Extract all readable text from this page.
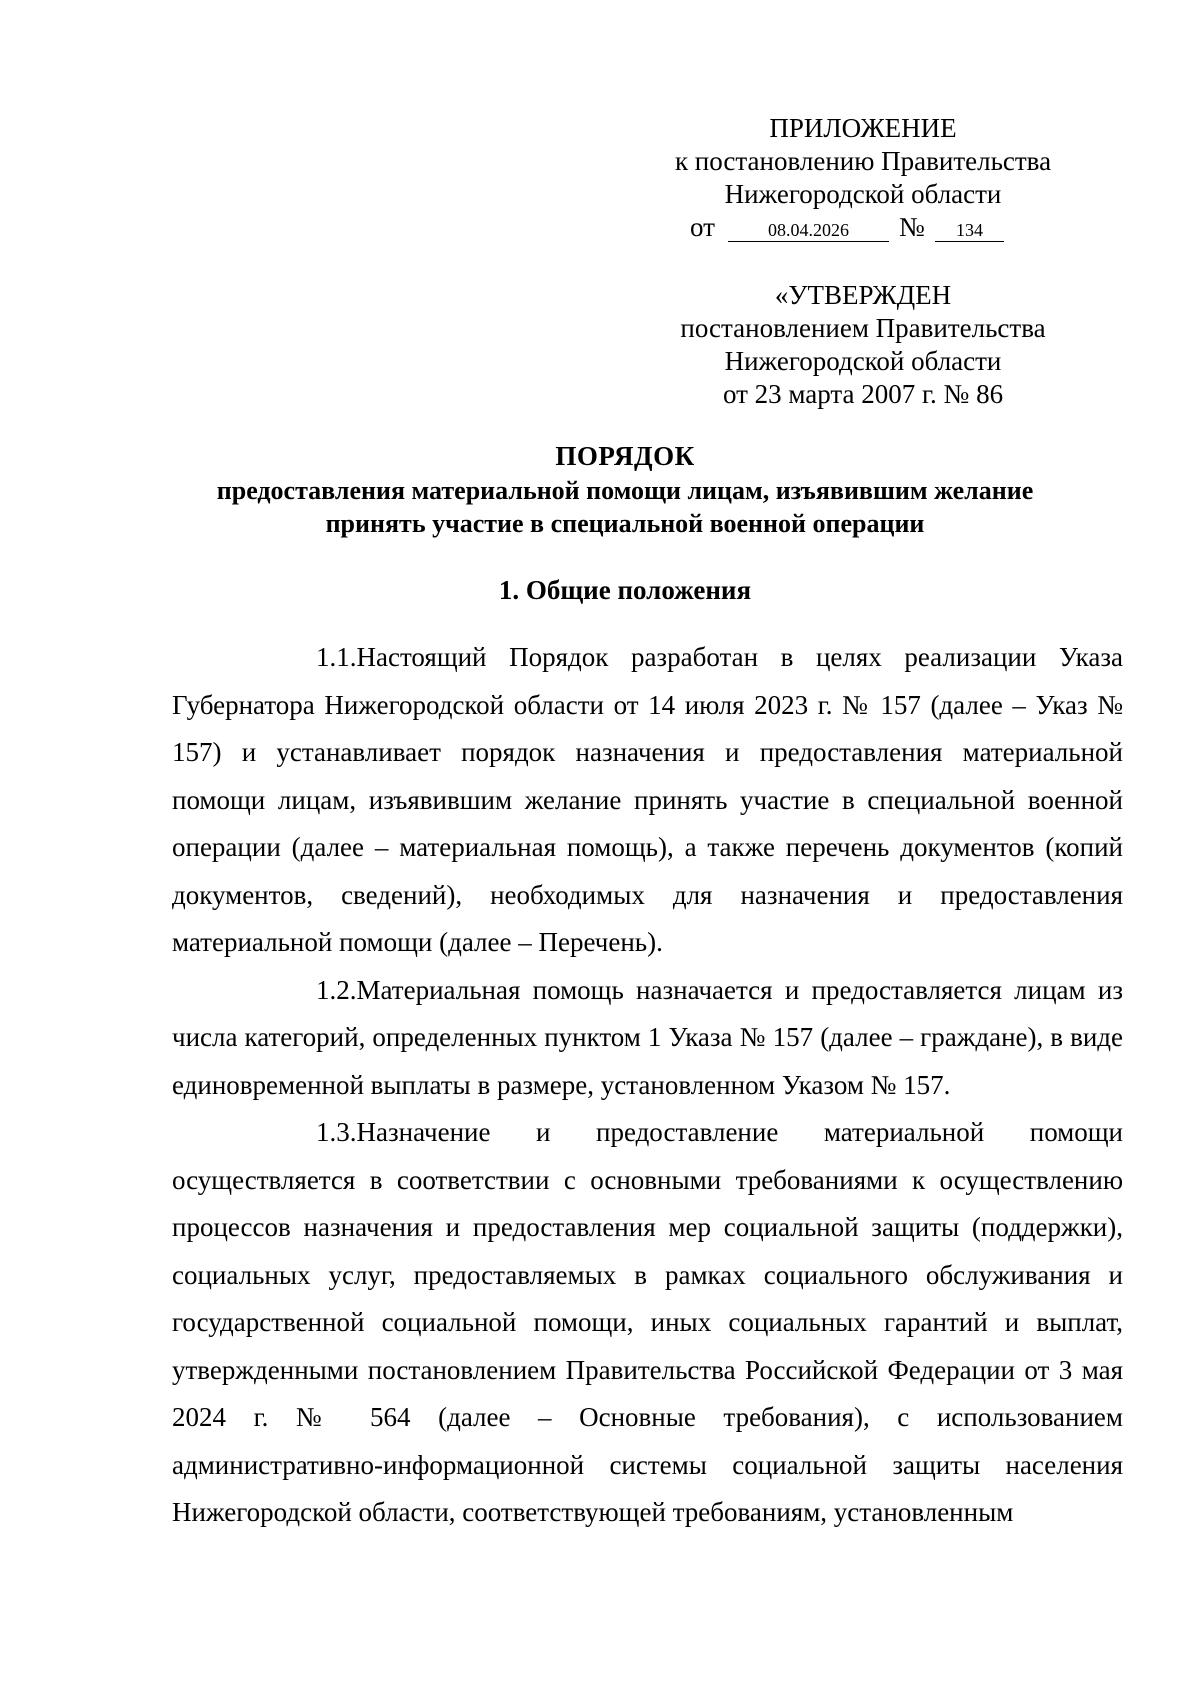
ПРИЛОЖЕНИЕ
к постановлению Правительства
Нижегородской области
от	08.04.2026	№	134
«УТВЕРЖДЕН
постановлением Правительства
Нижегородской области
от 23 марта 2007 г. № 86
ПОРЯДОК
предоставления материальной помощи лицам, изъявившим желание
принять участие в специальной военной операции
1. Общие положения

1.1.Настоящий Порядок разработан в целях реализации Указа Губернатора Нижегородской области от 14 июля 2023 г. № 157 (далее – Указ № 157) и устанавливает порядок назначения и предоставления материальной помощи лицам, изъявившим желание принять участие в специальной военной операции (далее – материальная помощь), а также перечень документов (копий документов, сведений), необходимых для назначения и предоставления материальной помощи (далее – Перечень).

1.2.Материальная помощь назначается и предоставляется лицам из числа категорий, определенных пунктом 1 Указа № 157 (далее – граждане), в виде единовременной выплаты в размере, установленном Указом № 157.

1.3.Назначение и предоставление материальной помощи осуществляется в соответствии с основными требованиями к осуществлению процессов назначения и предоставления мер социальной защиты (поддержки), социальных услуг, предоставляемых в рамках социального обслуживания и государственной социальной помощи, иных социальных гарантий и выплат, утвержденными постановлением Правительства Российской Федерации от 3 мая 2024 г. № 564 (далее – Основные требования), с использованием административно-информационной системы социальной защиты населения Нижегородской области, соответствующей требованиям, установленным
